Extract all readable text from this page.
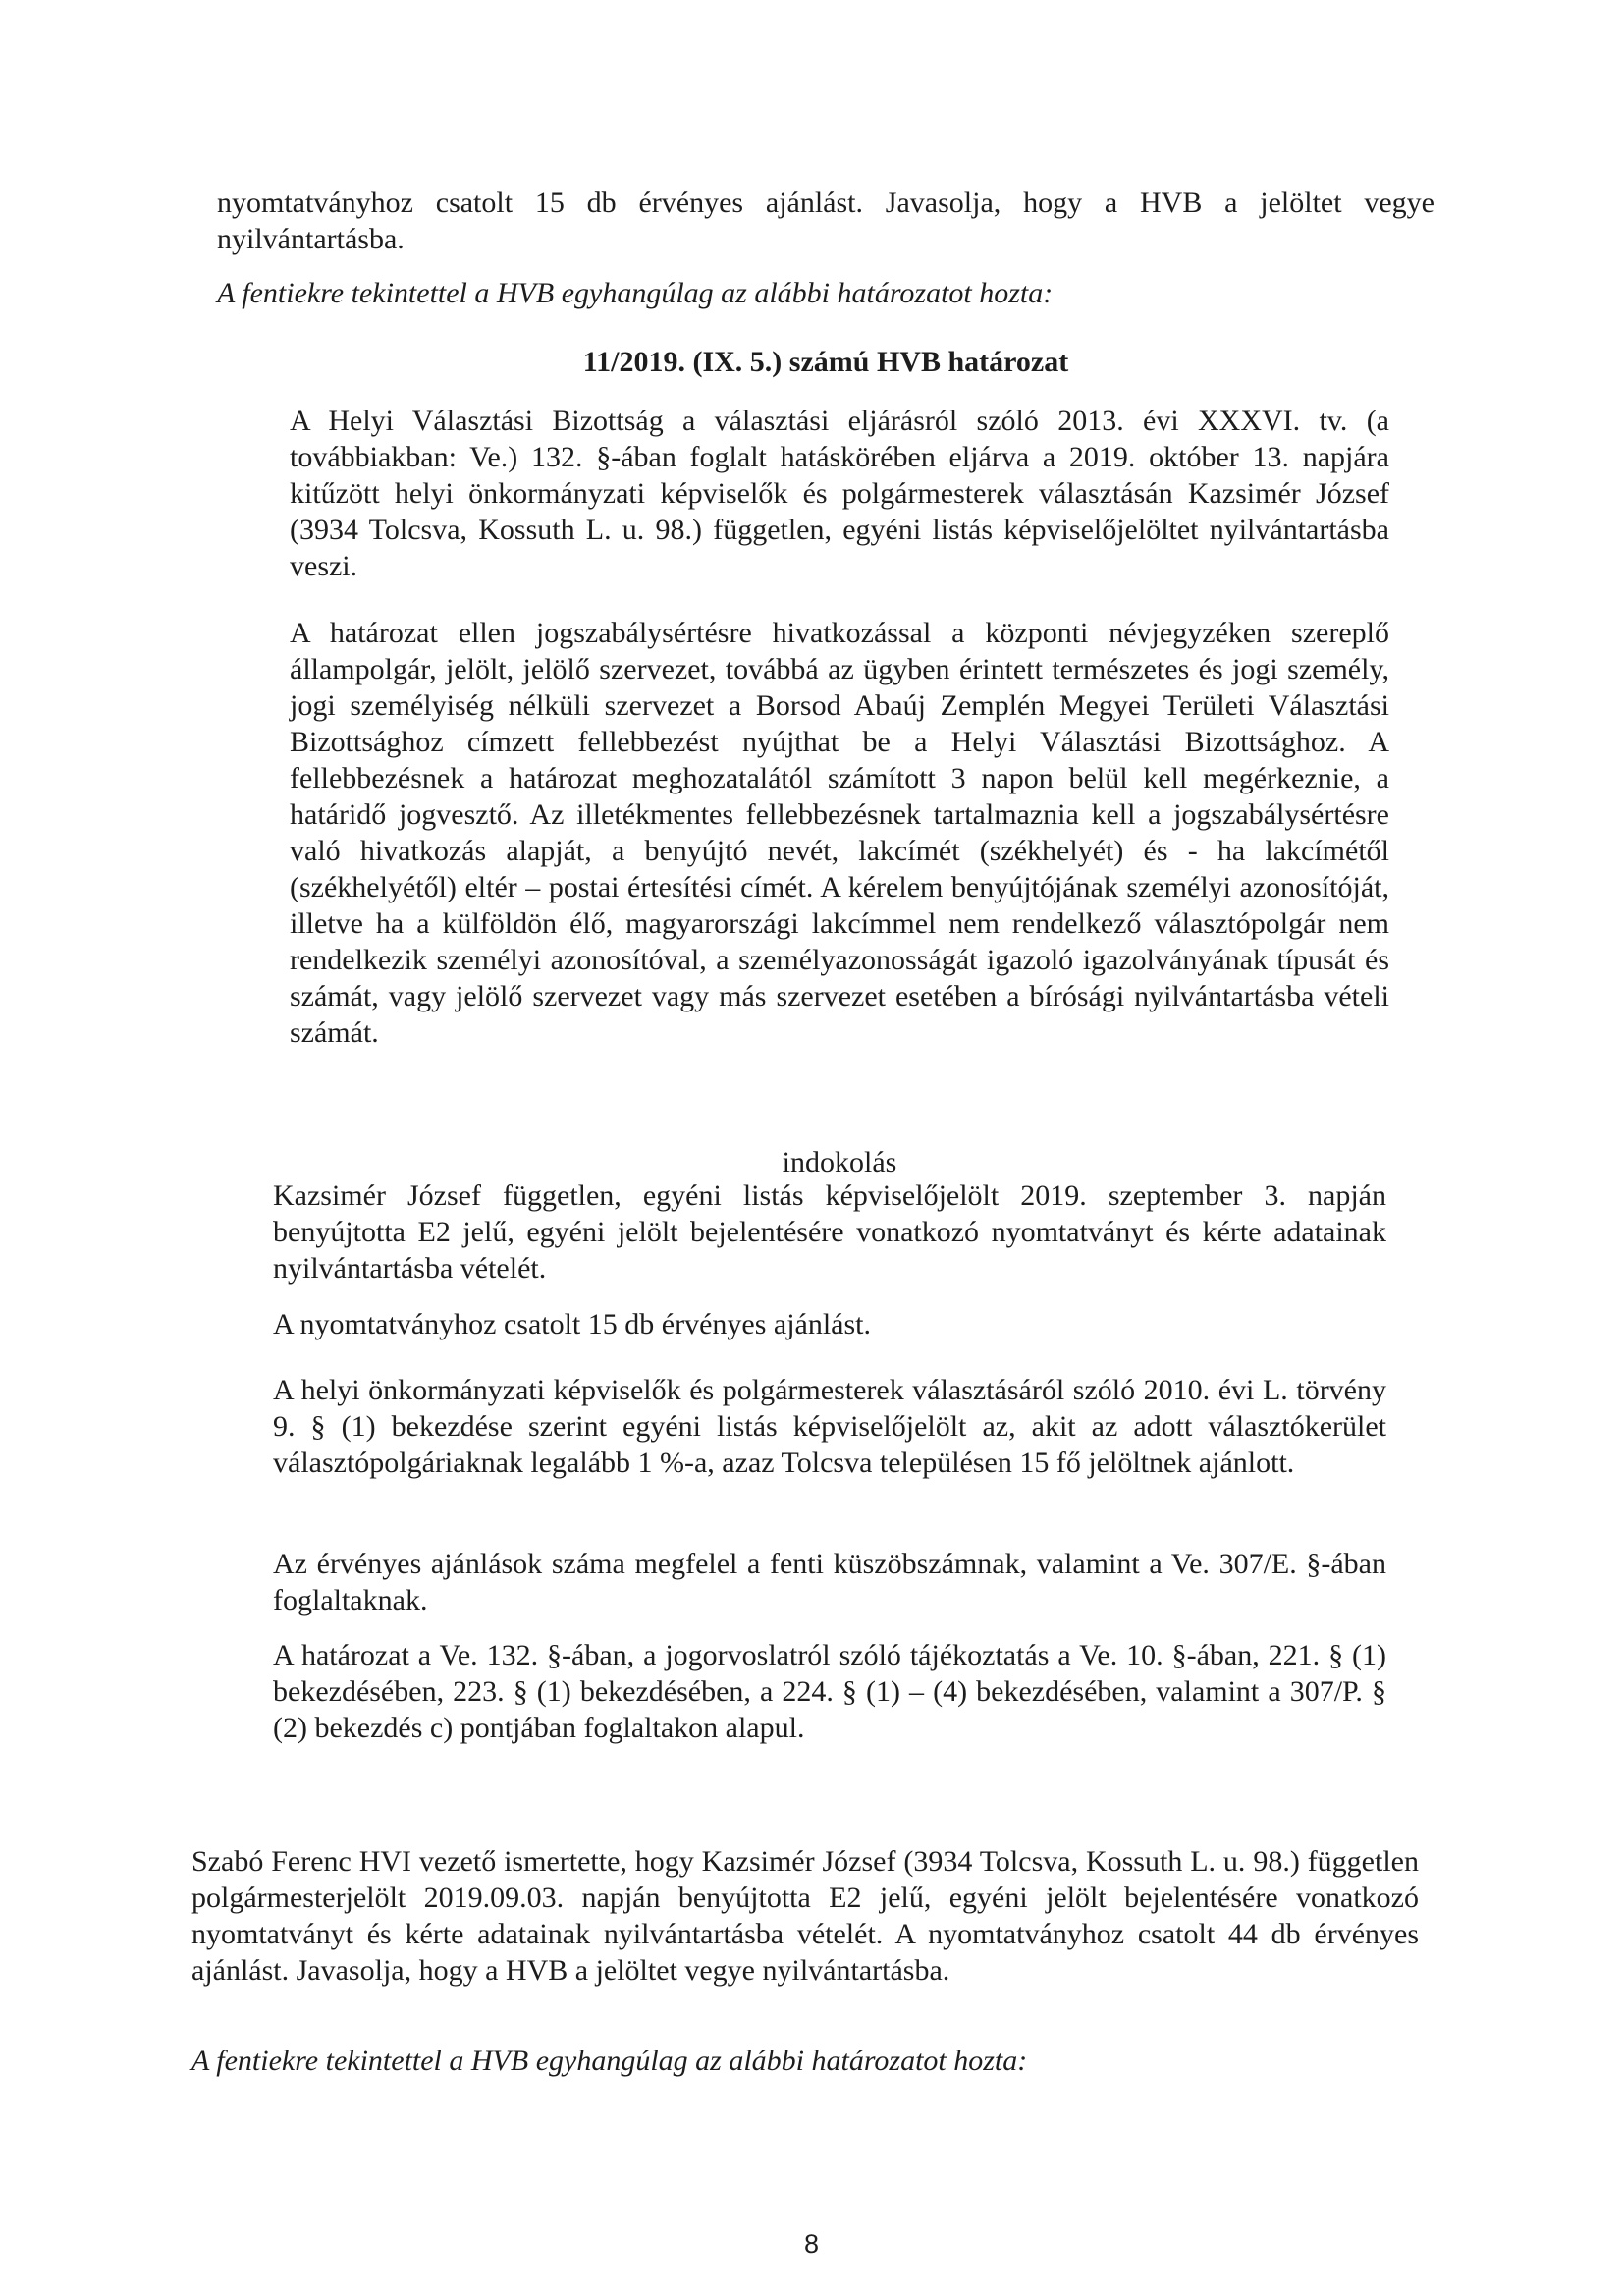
nyomtatványhoz csatolt 15 db érvényes ajánlást. Javasolja, hogy a HVB a jelöltet vegye nyilvántartásba.

A fentiekre tekintettel a HVB egyhangúlag az alábbi határozatot hozta:

11/2019. (IX. 5.) számú HVB határozat

A Helyi Választási Bizottság a választási eljárásról szóló 2013. évi XXXVI. tv. (a továbbiakban: Ve.) 132. §-ában foglalt hatáskörében eljárva a 2019. október 13. napjára kitűzött helyi önkormányzati képviselők és polgármesterek választásán Kazsimér József (3934 Tolcsva, Kossuth L. u. 98.) független, egyéni listás képviselőjelöltet nyilvántartásba veszi.

A határozat ellen jogszabálysértésre hivatkozással a központi névjegyzéken szereplő állampolgár, jelölt, jelölő szervezet, továbbá az ügyben érintett természetes és jogi személy, jogi személyiség nélküli szervezet a Borsod Abaúj Zemplén Megyei Területi Választási Bizottsághoz címzett fellebbezést nyújthat be a Helyi Választási Bizottsághoz. A fellebbezésnek a határozat meghozatalától számított 3 napon belül kell megérkeznie, a határidő jogvesztő. Az illetékmentes fellebbezésnek tartalmaznia kell a jogszabálysértésre való hivatkozás alapját, a benyújtó nevét, lakcímét (székhelyét) és - ha lakcímétől (székhelyétől) eltér – postai értesítési címét. A kérelem benyújtójának személyi azonosítóját, illetve ha a külföldön élő, magyarországi lakcímmel nem rendelkező választópolgár nem rendelkezik személyi azonosítóval, a személyazonosságát igazoló igazolványának típusát és számát, vagy jelölő szervezet vagy más szervezet esetében a bírósági nyilvántartásba vételi számát.

indokolás

Kazsimér József független, egyéni listás képviselőjelölt 2019. szeptember 3. napján benyújtotta E2 jelű, egyéni jelölt bejelentésére vonatkozó nyomtatványt és kérte adatainak nyilvántartásba vételét.

A nyomtatványhoz csatolt 15 db érvényes ajánlást.

A helyi önkormányzati képviselők és polgármesterek választásáról szóló 2010. évi L. törvény 9. § (1) bekezdése szerint egyéni listás képviselőjelölt az, akit az adott választókerület választópolgáriaknak legalább 1 %-a, azaz Tolcsva településen 15 fő jelöltnek ajánlott.

Az érvényes ajánlások száma megfelel a fenti küszöbszámnak, valamint a Ve. 307/E. §-ában foglaltaknak.

A határozat a Ve. 132. §-ában, a jogorvoslatról szóló tájékoztatás a Ve. 10. §-ában, 221. § (1) bekezdésében, 223. § (1) bekezdésében, a 224. § (1) – (4) bekezdésében, valamint a 307/P. § (2) bekezdés c) pontjában foglaltakon alapul.

Szabó Ferenc HVI vezető ismertette, hogy Kazsimér József (3934 Tolcsva, Kossuth L. u. 98.) független polgármesterjelölt 2019.09.03. napján benyújtotta E2 jelű, egyéni jelölt bejelentésére vonatkozó nyomtatványt és kérte adatainak nyilvántartásba vételét. A nyomtatványhoz csatolt 44 db érvényes ajánlást. Javasolja, hogy a HVB a jelöltet vegye nyilvántartásba.

A fentiekre tekintettel a HVB egyhangúlag az alábbi határozatot hozta:

8
